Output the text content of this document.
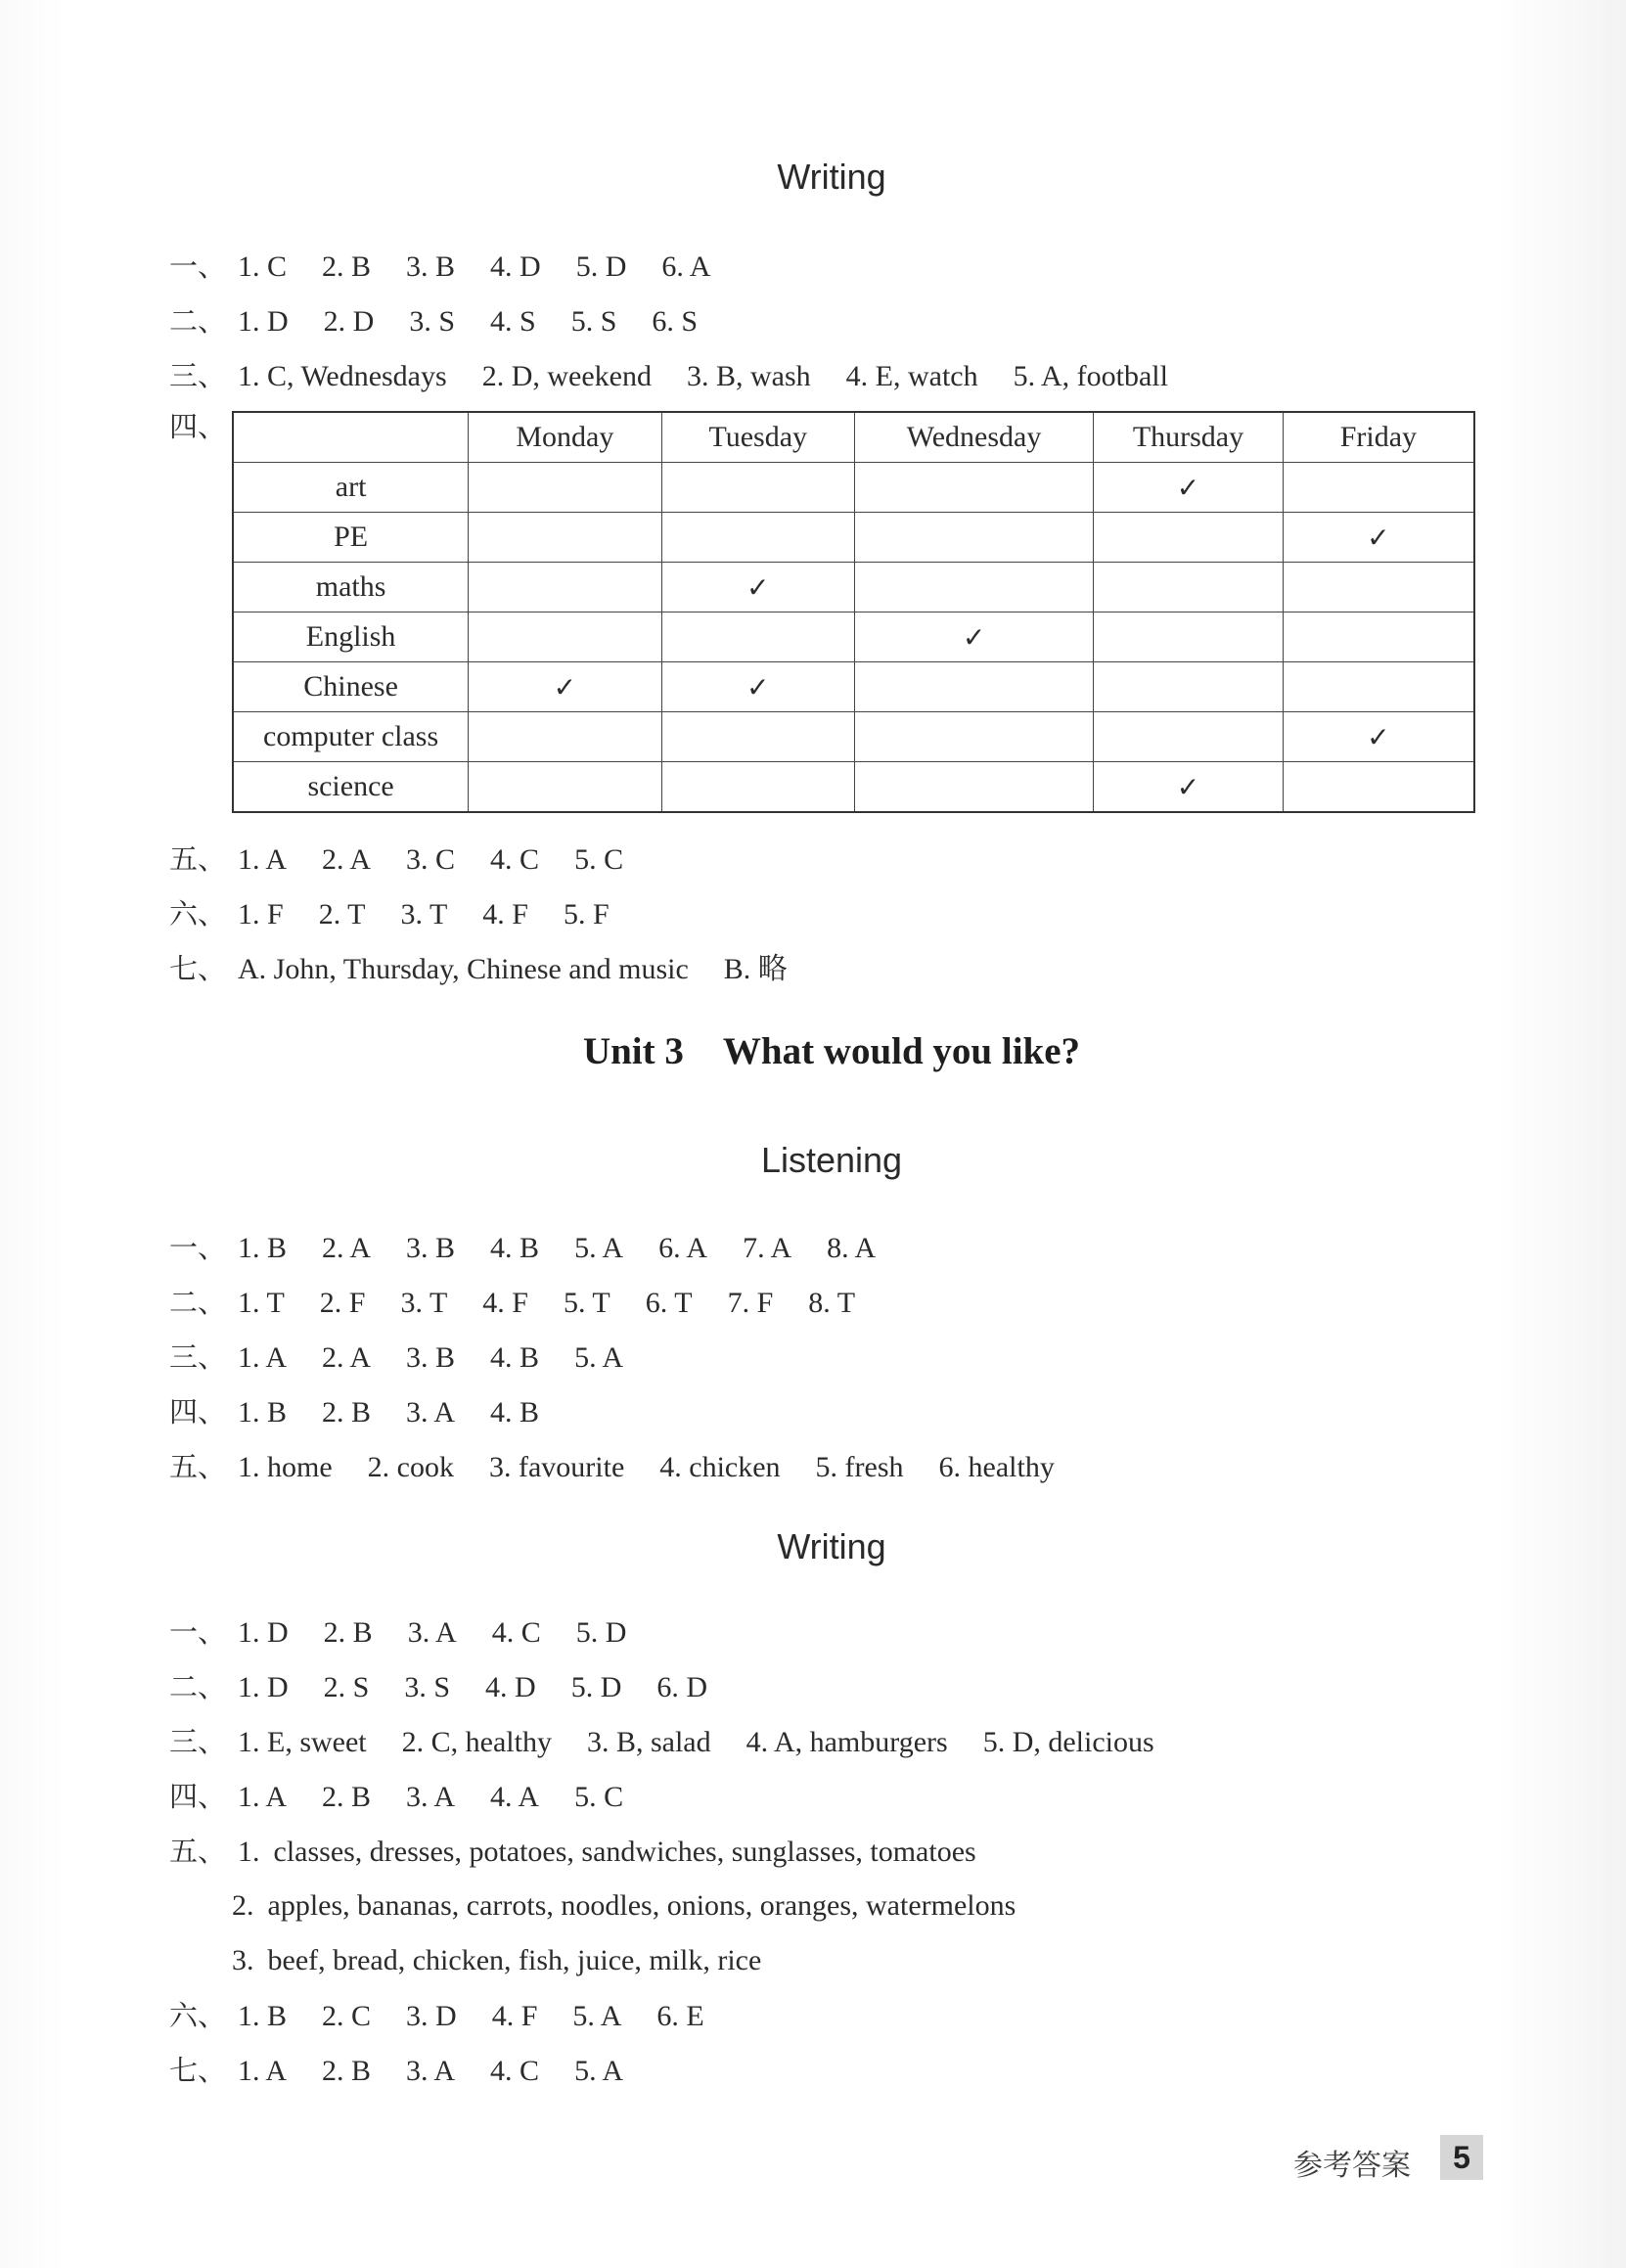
Writing
一、 1. C 2. B 3. B 4. D 5. D 6. A
二、 1. D 2. D 3. S 4. S 5. S 6. S
三、 1. C, Wednesdays 2. D, weekend 3. B, wash 4. E, watch 5. A, football
四、
		Monday	Tuesday	Wednesday	Thursday	Friday
art				✓	
PE					✓
maths		✓			
English			✓		
Chinese	✓	✓			
computer class					✓
science				✓	
五、 1. A 2. A 3. C 4. C 5. C
六、 1. F 2. T 3. T 4. F 5. F
七、 A. John, Thursday, Chinese and music B. 略
Unit 3 What would you like?
Listening
一、 1. B 2. A 3. B 4. B 5. A 6. A 7. A 8. A
二、 1. T 2. F 3. T 4. F 5. T 6. T 7. F 8. T
三、 1. A 2. A 3. B 4. B 5. A
四、 1. B 2. B 3. A 4. B
五、 1. home 2. cook 3. favourite 4. chicken 5. fresh 6. healthy
Writing
一、 1. D 2. B 3. A 4. C 5. D
二、 1. D 2. S 3. S 4. D 5. D 6. D
三、 1. E, sweet 2. C, healthy 3. B, salad 4. A, hamburgers 5. D, delicious
四、 1. A 2. B 3. A 4. A 5. C
五、 1. classes, dresses, potatoes, sandwiches, sunglasses, tomatoes
2. apples, bananas, carrots, noodles, onions, oranges, watermelons
3. beef, bread, chicken, fish, juice, milk, rice
六、 1. B 2. C 3. D 4. F 5. A 6. E
七、 1. A 2. B 3. A 4. C 5. A
参考答案	5
